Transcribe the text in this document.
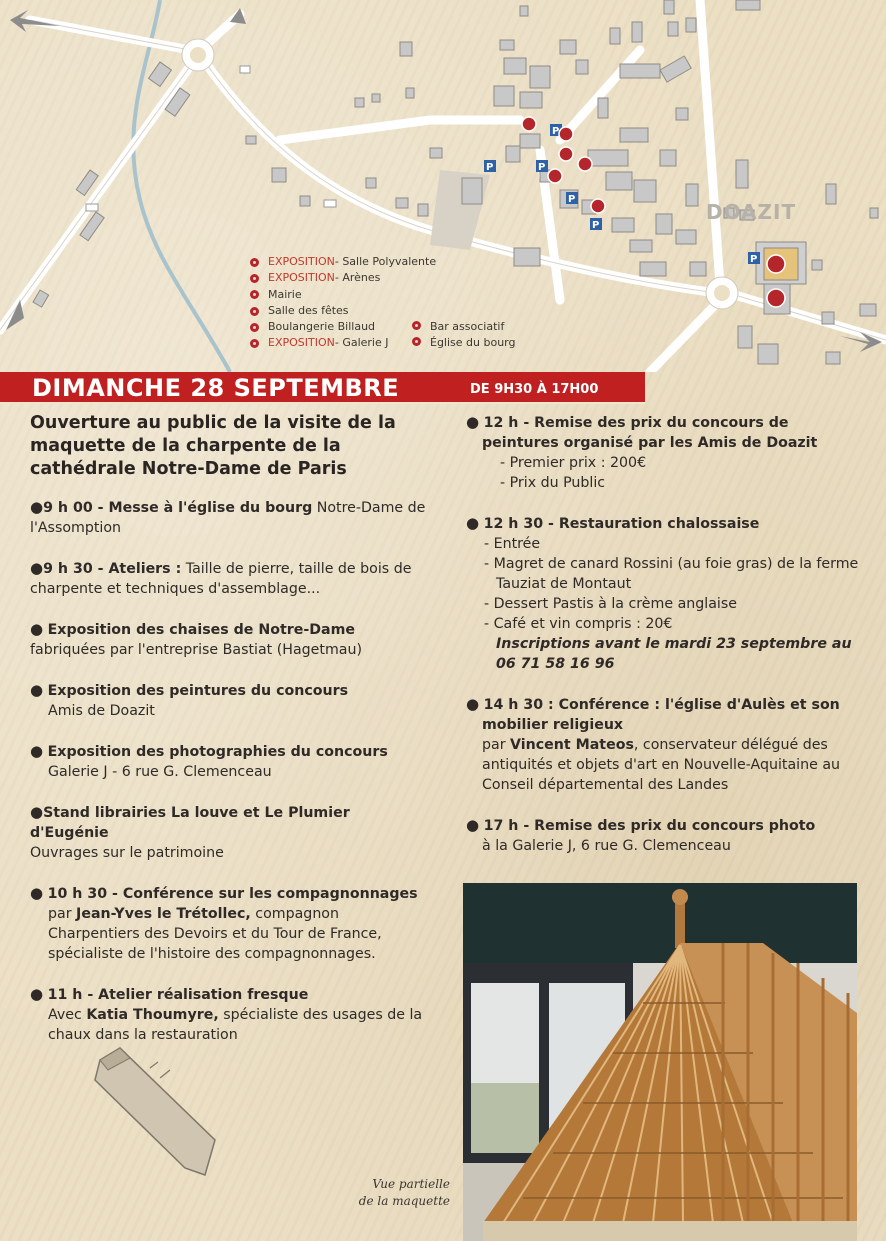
P
P	P
P
P
P
DOAZIT
EXPOSITION - Salle Polyvalente
EXPOSITION - Arènes
Mairie
Salle des fêtes
Boulangerie Billaud
EXPOSITION - Galerie J
Bar associatif
Église du bourg
DIMANCHE 28 SEPTEMBRE	DE 9H30 À 17H00
Ouverture au public de la visite de la maquette de la charpente de la cathédrale Notre-Dame de Paris
●9 h 00 - Messe à l'église du bourg Notre-Dame de l'Assomption
●9 h 30 - Ateliers : Taille de pierre, taille de bois de charpente et techniques d'assemblage...
● Exposition des chaises de Notre-Dame fabriquées par l'entreprise Bastiat (Hagetmau)
● Exposition des peintures du concours
Amis de Doazit
● Exposition des photographies du concours
Galerie J - 6 rue G. Clemenceau
●Stand librairies La louve et Le Plumier d'Eugénie
Ouvrages sur le patrimoine
● 10 h 30 - Conférence sur les compagnonnages
par Jean-Yves le Trétollec, compagnon Charpentiers des Devoirs et du Tour de France, spécialiste de l'histoire des compagnonnages.
● 11 h - Atelier réalisation fresque
Avec Katia Thoumyre, spécialiste des usages de la chaux dans la restauration
● 12 h - Remise des prix du concours de peintures organisé par les Amis de Doazit
- Premier prix : 200€
- Prix du Public
● 12 h 30 - Restauration chalossaise
- Entrée
- Magret de canard Rossini (au foie gras) de la ferme Tauziat de Montaut
- Dessert Pastis à la crème anglaise
- Café et vin compris : 20€
Inscriptions avant le mardi 23 septembre au 06 71 58 16 96
● 14 h 30 : Conférence : l'église d'Aulès et son mobilier religieux
par Vincent Mateos, conservateur délégué des antiquités et objets d'art en Nouvelle-Aquitaine au Conseil départemental des Landes
● 17 h - Remise des prix du concours photo
à la Galerie J, 6 rue G. Clemenceau
Vue partielle
de la maquette
